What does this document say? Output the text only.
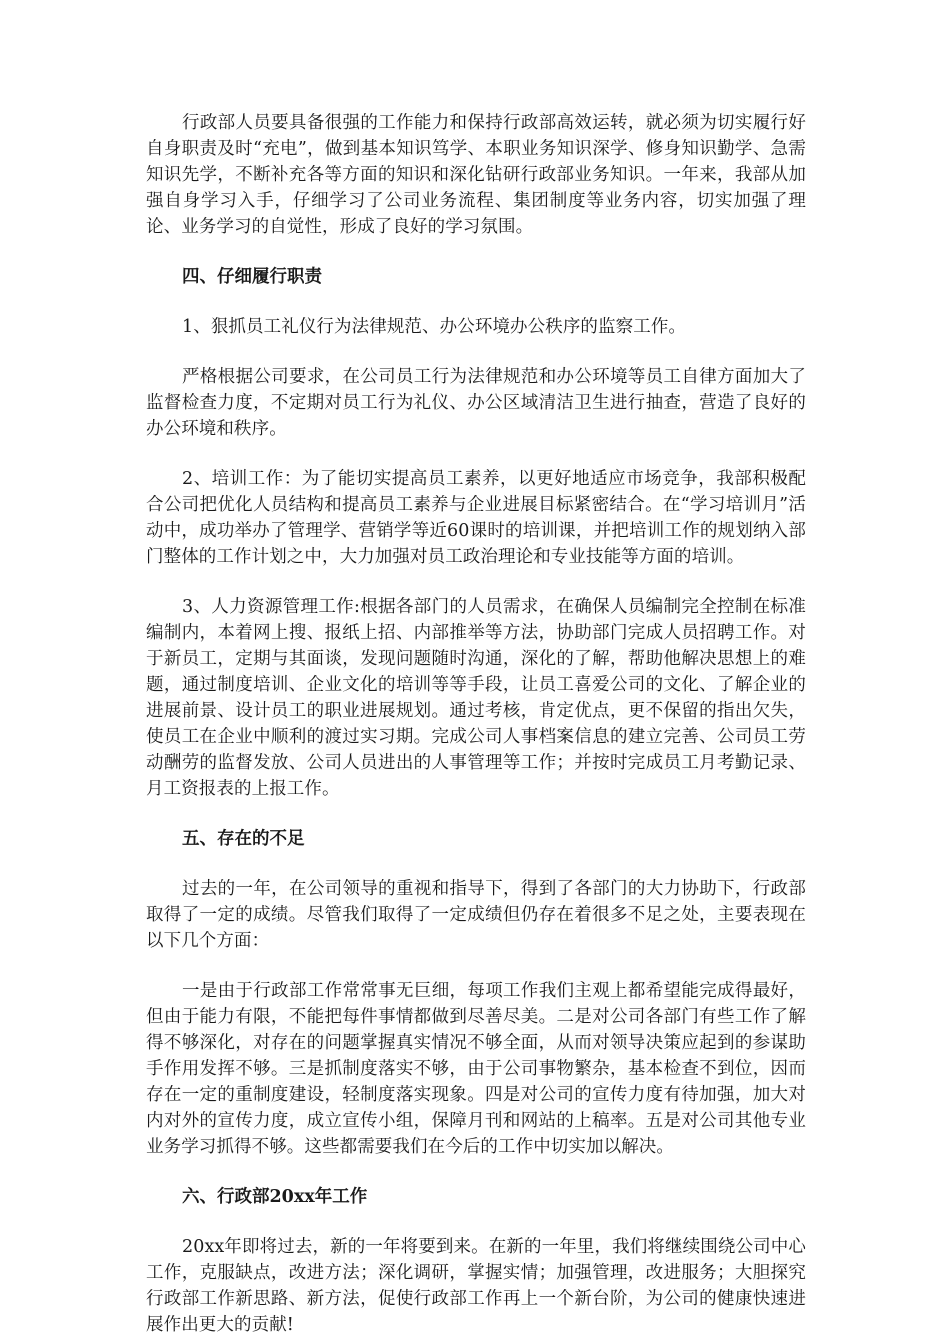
行政部人员要具备很强的工作能力和保持行政部高效运转，就必须为切实履行好自身职责及时“充电”，做到基本知识笃学、本职业务知识深学、修身知识勤学、急需知识先学，不断补充各等方面的知识和深化钻研行政部业务知识。一年来，我部从加强自身学习入手，仔细学习了公司业务流程、集团制度等业务内容，切实加强了理论、业务学习的自觉性，形成了良好的学习氛围。

四、仔细履行职责

1、狠抓员工礼仪行为法律规范、办公环境办公秩序的监察工作。

严格根据公司要求，在公司员工行为法律规范和办公环境等员工自律方面加大了监督检查力度，不定期对员工行为礼仪、办公区域清洁卫生进行抽查，营造了良好的办公环境和秩序。

2、培训工作：为了能切实提高员工素养，以更好地适应市场竞争，我部积极配合公司把优化人员结构和提高员工素养与企业进展目标紧密结合。在“学习培训月”活动中，成功举办了管理学、营销学等近60课时的培训课，并把培训工作的规划纳入部门整体的工作计划之中，大力加强对员工政治理论和专业技能等方面的培训。

3、人力资源管理工作:根据各部门的人员需求，在确保人员编制完全控制在标准编制内，本着网上搜、报纸上招、内部推举等方法，协助部门完成人员招聘工作。对于新员工，定期与其面谈，发现问题随时沟通，深化的了解，帮助他解决思想上的难题，通过制度培训、企业文化的培训等等手段，让员工喜爱公司的文化、了解企业的进展前景、设计员工的职业进展规划。通过考核，肯定优点，更不保留的指出欠失，使员工在企业中顺利的渡过实习期。完成公司人事档案信息的建立完善、公司员工劳动酬劳的监督发放、公司人员进出的人事管理等工作；并按时完成员工月考勤记录、月工资报表的上报工作。

五、存在的不足

过去的一年，在公司领导的重视和指导下，得到了各部门的大力协助下，行政部取得了一定的成绩。尽管我们取得了一定成绩但仍存在着很多不足之处，主要表现在以下几个方面：

一是由于行政部工作常常事无巨细，每项工作我们主观上都希望能完成得最好，但由于能力有限，不能把每件事情都做到尽善尽美。二是对公司各部门有些工作了解得不够深化，对存在的问题掌握真实情况不够全面，从而对领导决策应起到的参谋助手作用发挥不够。三是抓制度落实不够，由于公司事物繁杂，基本检查不到位，因而存在一定的重制度建设，轻制度落实现象。四是对公司的宣传力度有待加强，加大对内对外的宣传力度，成立宣传小组，保障月刊和网站的上稿率。五是对公司其他专业业务学习抓得不够。这些都需要我们在今后的工作中切实加以解决。

六、行政部20xx年工作

20xx年即将过去，新的一年将要到来。在新的一年里，我们将继续围绕公司中心工作，克服缺点，改进方法；深化调研，掌握实情；加强管理，改进服务；大胆探究行政部工作新思路、新方法，促使行政部工作再上一个新台阶，为公司的健康快速进展作出更大的贡献!
